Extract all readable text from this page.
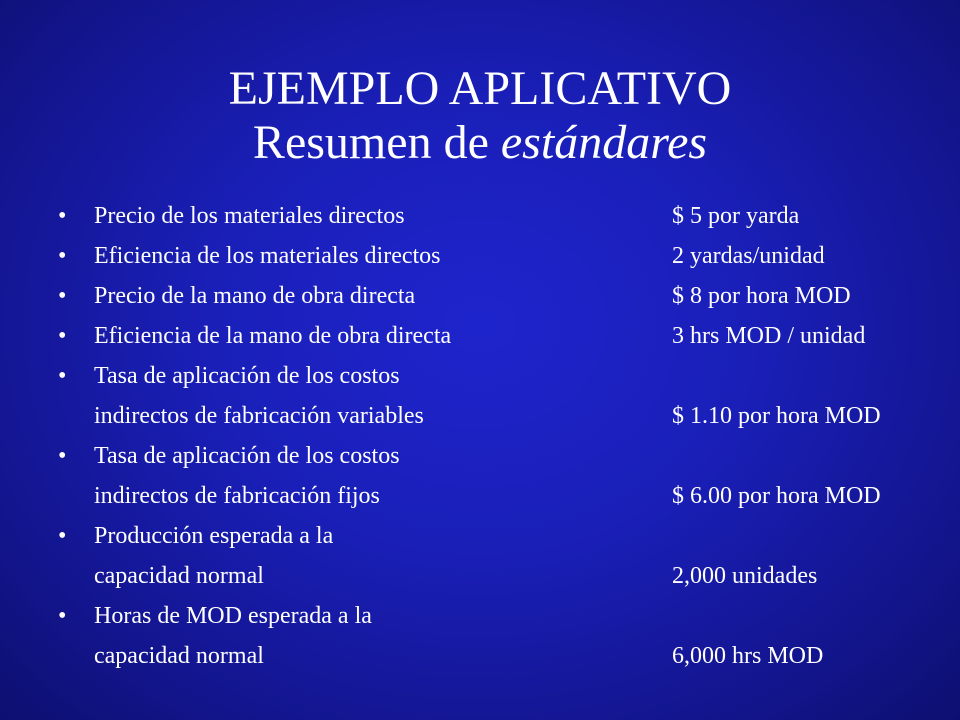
EJEMPLO APLICATIVO
Resumen de estándares
•	Precio de los materiales directos	$ 5 por yarda
•	Eficiencia de los materiales directos	2 yardas/unidad
•	Precio de la mano de obra directa	$ 8 por hora MOD
•	Eficiencia de la mano de obra directa	3 hrs MOD / unidad
•	Tasa de aplicación de los costos
indirectos de fabricación variables
	$ 1.10 por hora MOD
•	Tasa de aplicación de los costos
indirectos de fabricación fijos
	$ 6.00 por hora MOD
•	Producción esperada a la
capacidad normal
	2,000 unidades
•	Horas de MOD esperada a la
capacidad normal
	6,000 hrs MOD
